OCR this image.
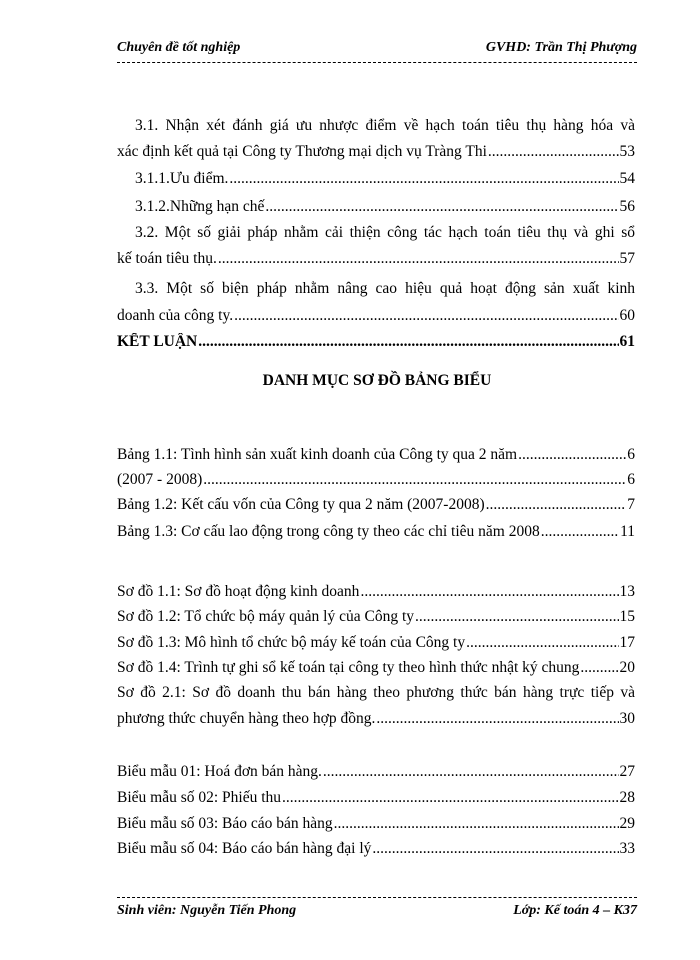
Chuyên đề tốt nghiệp	GVHD: Trần Thị Phượng
3.1. Nhận xét đánh giá ưu nhược điểm về hạch toán tiêu thụ hàng hóa và
xác định kết quả tại Công ty Thương mại dịch vụ Tràng Thi .....	53
3.1.1.Ưu điểm. .....	54
3.1.2.Những hạn chế .....	56
3.2. Một số giải pháp nhằm cải thiện công tác hạch toán tiêu thụ và ghi sổ
kế toán tiêu thụ. .....	57
3.3. Một số biện pháp nhằm nâng cao hiệu quả hoạt động sản xuất kinh
doanh của công ty. .....	60
KẾT LUẬN .....	61
DANH MỤC SƠ ĐỒ BẢNG BIỂU
Bảng 1.1: Tình hình sản xuất kinh doanh của Công ty qua 2 năm .....	6
(2007 - 2008) .....	6
Bảng 1.2: Kết cấu vốn của Công ty qua 2 năm (2007-2008) .....	7
Bảng 1.3: Cơ cấu lao động trong công ty theo các chỉ tiêu năm 2008 .....	11
Sơ đồ 1.1: Sơ đồ hoạt động kinh doanh .....	13
Sơ đồ 1.2: Tổ chức bộ máy quản lý của Công ty .....	15
Sơ đồ 1.3: Mô hình tổ chức bộ máy kế toán của Công ty .....	17
Sơ đồ 1.4: Trình tự ghi sổ kế toán tại công ty theo hình thức nhật ký chung .....	20
Sơ đồ 2.1: Sơ đồ doanh thu bán hàng theo phương thức bán hàng trực tiếp và
phương thức chuyển hàng theo hợp đồng. .....	30
Biểu mẫu 01: Hoá đơn bán hàng. .....	27
Biểu mẫu số 02: Phiếu thu .....	28
Biểu mẫu số 03: Báo cáo bán hàng .....	29
Biểu mẫu số 04: Báo cáo bán hàng đại lý .....	33
Sinh viên: Nguyễn Tiến Phong	Lớp: Kế toán 4 – K37
